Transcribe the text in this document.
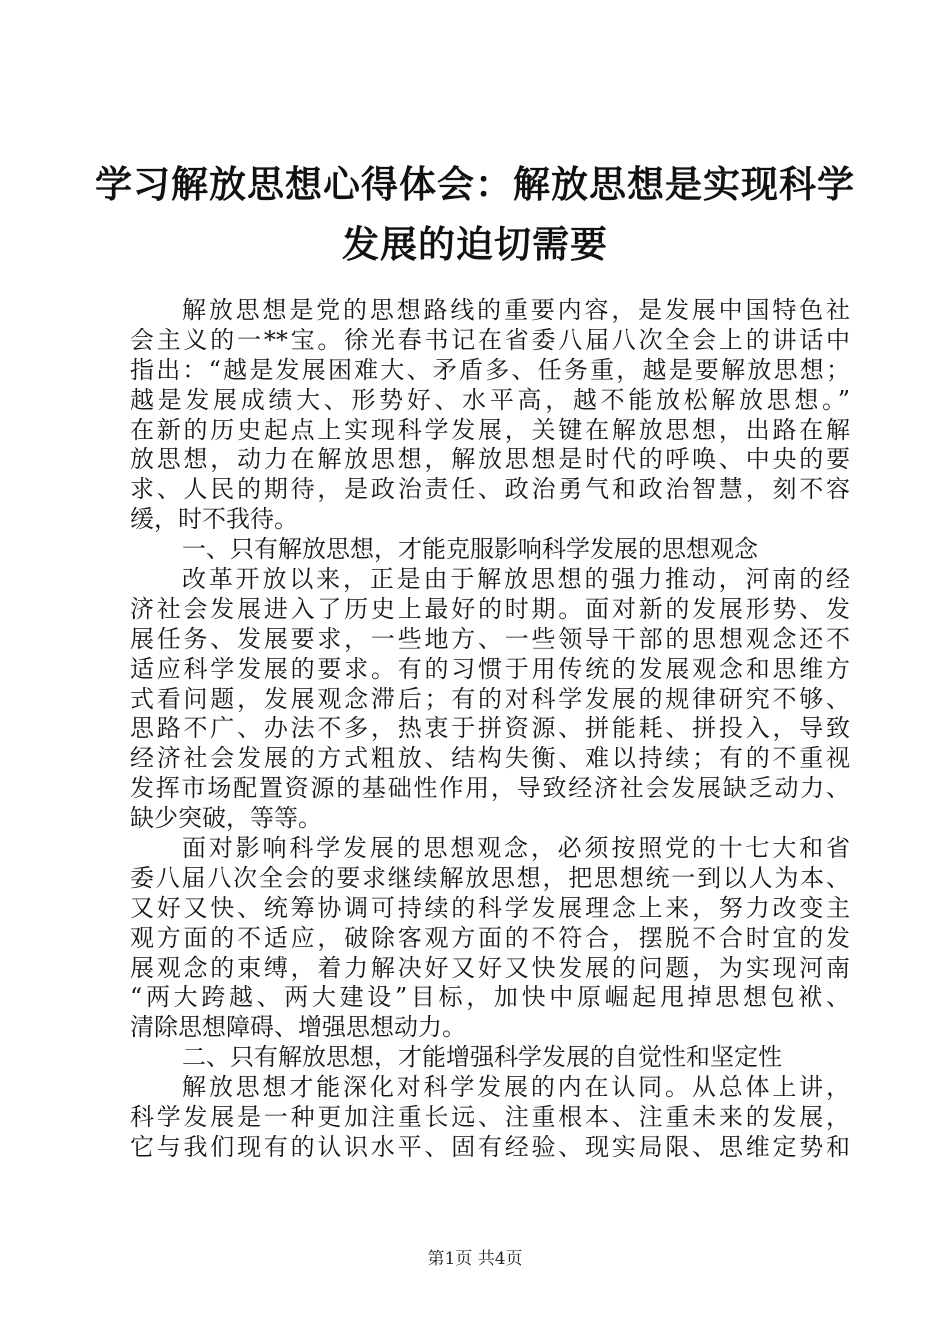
学习解放思想心得体会：解放思想是实现科学
发展的迫切需要
解放思想是党的思想路线的重要内容，是发展中国特色社
会主义的一**宝。徐光春书记在省委八届八次全会上的讲话中
指出：“越是发展困难大、矛盾多、任务重，越是要解放思想；
越是发展成绩大、形势好、水平高，越不能放松解放思想。”
在新的历史起点上实现科学发展，关键在解放思想，出路在解
放思想，动力在解放思想，解放思想是时代的呼唤、中央的要
求、人民的期待，是政治责任、政治勇气和政治智慧，刻不容
缓，时不我待。
一、只有解放思想，才能克服影响科学发展的思想观念
改革开放以来，正是由于解放思想的强力推动，河南的经
济社会发展进入了历史上最好的时期。面对新的发展形势、发
展任务、发展要求，一些地方、一些领导干部的思想观念还不
适应科学发展的要求。有的习惯于用传统的发展观念和思维方
式看问题，发展观念滞后；有的对科学发展的规律研究不够、
思路不广、办法不多，热衷于拼资源、拼能耗、拼投入，导致
经济社会发展的方式粗放、结构失衡、难以持续；有的不重视
发挥市场配置资源的基础性作用，导致经济社会发展缺乏动力、
缺少突破，等等。
面对影响科学发展的思想观念，必须按照党的十七大和省
委八届八次全会的要求继续解放思想，把思想统一到以人为本、
又好又快、统筹协调可持续的科学发展理念上来，努力改变主
观方面的不适应，破除客观方面的不符合，摆脱不合时宜的发
展观念的束缚，着力解决好又好又快发展的问题，为实现河南
“两大跨越、两大建设”目标，加快中原崛起甩掉思想包袱、
清除思想障碍、增强思想动力。
二、只有解放思想，才能增强科学发展的自觉性和坚定性
解放思想才能深化对科学发展的内在认同。从总体上讲，
科学发展是一种更加注重长远、注重根本、注重未来的发展，
它与我们现有的认识水平、固有经验、现实局限、思维定势和
第1页 共4页
